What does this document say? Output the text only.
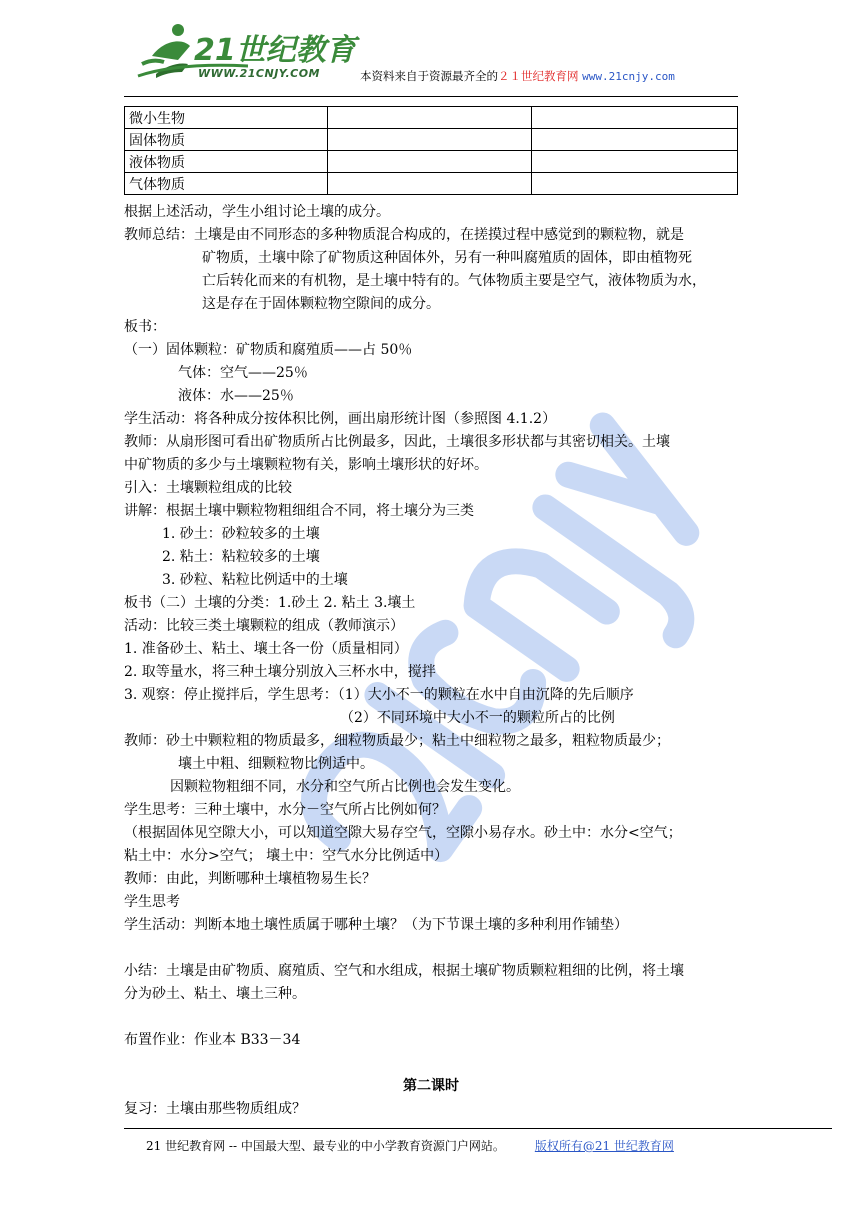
21世纪教育
WWW.21CNJY.COM	本资料来自于资源最齐全的２１世纪教育网 www.21cnjy.com
微小生物		
固体物质		
液体物质		
气体物质		
根据上述活动，学生小组讨论土壤的成分。
教师总结：土壤是由不同形态的多种物质混合构成的，在搓摸过程中感觉到的颗粒物，就是
矿物质，土壤中除了矿物质这种固体外，另有一种叫腐殖质的固体，即由植物死
亡后转化而来的有机物，是土壤中特有的。气体物质主要是空气，液体物质为水，
这是存在于固体颗粒物空隙间的成分。
板书：
（一）固体颗粒：矿物质和腐殖质——占 50％
气体：空气——25％
液体：水——25％
学生活动：将各种成分按体积比例，画出扇形统计图（参照图 4.1.2）
教师：从扇形图可看出矿物质所占比例最多，因此，土壤很多形状都与其密切相关。土壤
中矿物质的多少与土壤颗粒物有关，影响土壤形状的好坏。
引入：土壤颗粒组成的比较
讲解：根据土壤中颗粒物粗细组合不同，将土壤分为三类
1. 砂土：砂粒较多的土壤
2. 粘土：粘粒较多的土壤
3. 砂粒、粘粒比例适中的土壤
板书（二）土壤的分类：1.砂土 2. 粘土 3.壤土
活动：比较三类土壤颗粒的组成（教师演示）
1. 准备砂土、粘土、壤土各一份（质量相同）
2. 取等量水，将三种土壤分别放入三杯水中，搅拌
3. 观察：停止搅拌后，学生思考：（1）大小不一的颗粒在水中自由沉降的先后顺序
（2）不同环境中大小不一的颗粒所占的比例
教师：砂土中颗粒粗的物质最多，细粒物质最少；粘土中细粒物之最多，粗粒物质最少；
壤土中粗、细颗粒物比例适中。
因颗粒物粗细不同，水分和空气所占比例也会发生变化。
学生思考：三种土壤中，水分－空气所占比例如何？
（根据固体见空隙大小，可以知道空隙大易存空气，空隙小易存水。砂土中：水分<空气；
粘土中：水分>空气； 壤土中：空气水分比例适中）
教师：由此，判断哪种土壤植物易生长？
学生思考
学生活动：判断本地土壤性质属于哪种土壤？（为下节课土壤的多种利用作铺垫）
小结：土壤是由矿物质、腐殖质、空气和水组成，根据土壤矿物质颗粒粗细的比例，将土壤
分为砂土、粘土、壤土三种。
布置作业：作业本 B33－34
第二课时
复习：土壤由那些物质组成？
21 世纪教育网 -- 中国最大型、最专业的中小学教育资源门户网站。	版权所有@21 世纪教育网
